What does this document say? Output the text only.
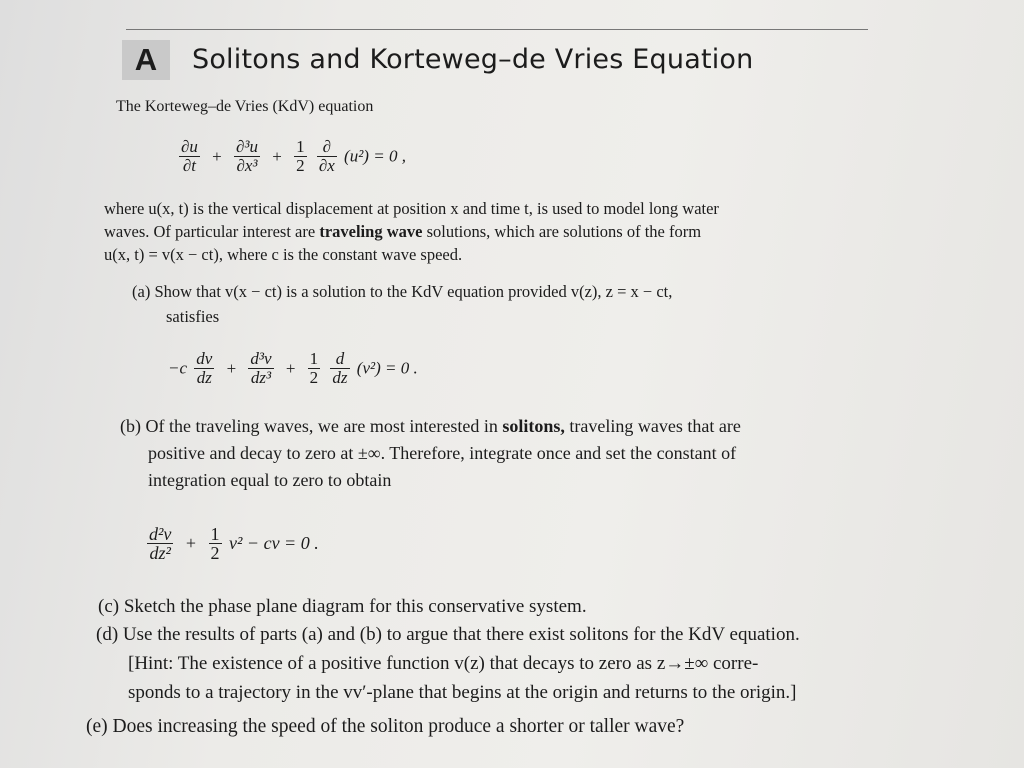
A	Solitons and Korteweg–de Vries Equation
The Korteweg–de Vries (KdV) equation
$\frac{\partial u}{\partial t} + \frac{\text{∂³u}}{\text{∂x³}} + \frac{1}{2}$
$\frac{\partial}{\partial x} (u^2) = 0$ ,
where u(x, t) is the vertical displacement at position x and time t, is used to model long water
waves. Of particular interest are traveling wave solutions, which are solutions of the form
u(x, t) = v(x − ct), where c is the constant wave speed.
(a) Show that v(x − ct) is a solution to the KdV equation provided v(z), z = x − ct,
satisfies
$-c \frac{dv}{dz} + \frac{\text{d³v}}{\text{dz³}} + \frac{1}{2}$
$\frac{d}{dz} (v^2) = 0$ .
(b) Of the traveling waves, we are most interested in solitons, traveling waves that are
positive and decay to zero at ±∞. Therefore, integrate once and set the constant of
integration equal to zero to obtain
$\frac{\text{d²v}}{\text{dz²}} + \frac{1}{2} v^2$ − cv = 0 .
(c) Sketch the phase plane diagram for this conservative system.
(d) Use the results of parts (a) and (b) to argue that there exist solitons for the KdV equation.
[Hint: The existence of a positive function v(z) that decays to zero as z→±∞ corre-
sponds to a trajectory in the vv′-plane that begins at the origin and returns to the origin.]
(e) Does increasing the speed of the soliton produce a shorter or taller wave?
